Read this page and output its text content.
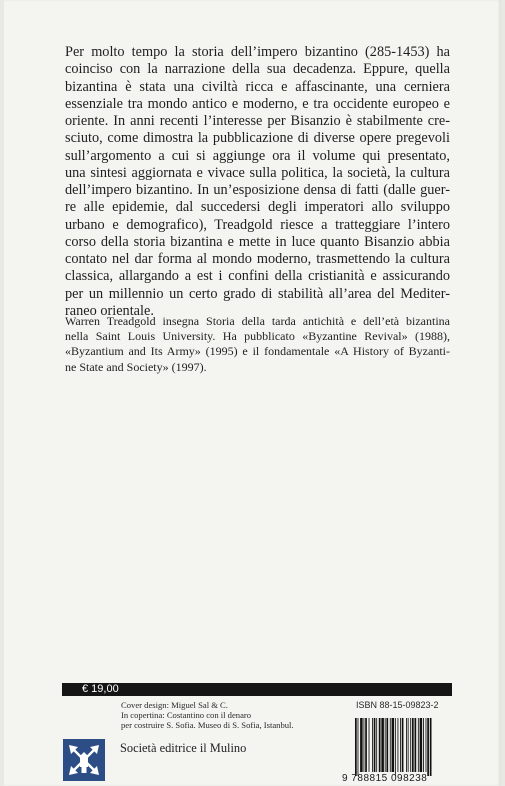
Per molto tempo la storia dell’impero bizantino (285-1453) ha
coinciso con la narrazione della sua decadenza. Eppure, quella
bizantina è stata una civiltà ricca e affascinante, una cerniera
essenziale tra mondo antico e moderno, e tra occidente europeo e
oriente. In anni recenti l’interesse per Bisanzio è stabilmente cre-
sciuto, come dimostra la pubblicazione di diverse opere pregevoli
sull’argomento a cui si aggiunge ora il volume qui presentato,
una sintesi aggiornata e vivace sulla politica, la società, la cultura
dell’impero bizantino. In un’esposizione densa di fatti (dalle guer-
re alle epidemie, dal succedersi degli imperatori allo sviluppo
urbano e demografico), Treadgold riesce a tratteggiare l’intero
corso della storia bizantina e mette in luce quanto Bisanzio abbia
contato nel dar forma al mondo moderno, trasmettendo la cultura
classica, allargando a est i confini della cristianità e assicurando
per un millennio un certo grado di stabilità all’area del Mediter-
raneo orientale.
Warren Treadgold insegna Storia della tarda antichità e dell’età bizantina
nella Saint Louis University. Ha pubblicato «Byzantine Revival» (1988),
«Byzantium and Its Army» (1995) e il fondamentale «A History of Byzanti-
ne State and Society» (1997).
€ 19,00
Cover design: Miguel Sal & C.
In copertina: Costantino con il denaro
per costruire S. Sofia. Museo di S. Sofia, Istanbul.
ISBN 88-15-09823-2
Società editrice il Mulino
9 788815 098238
